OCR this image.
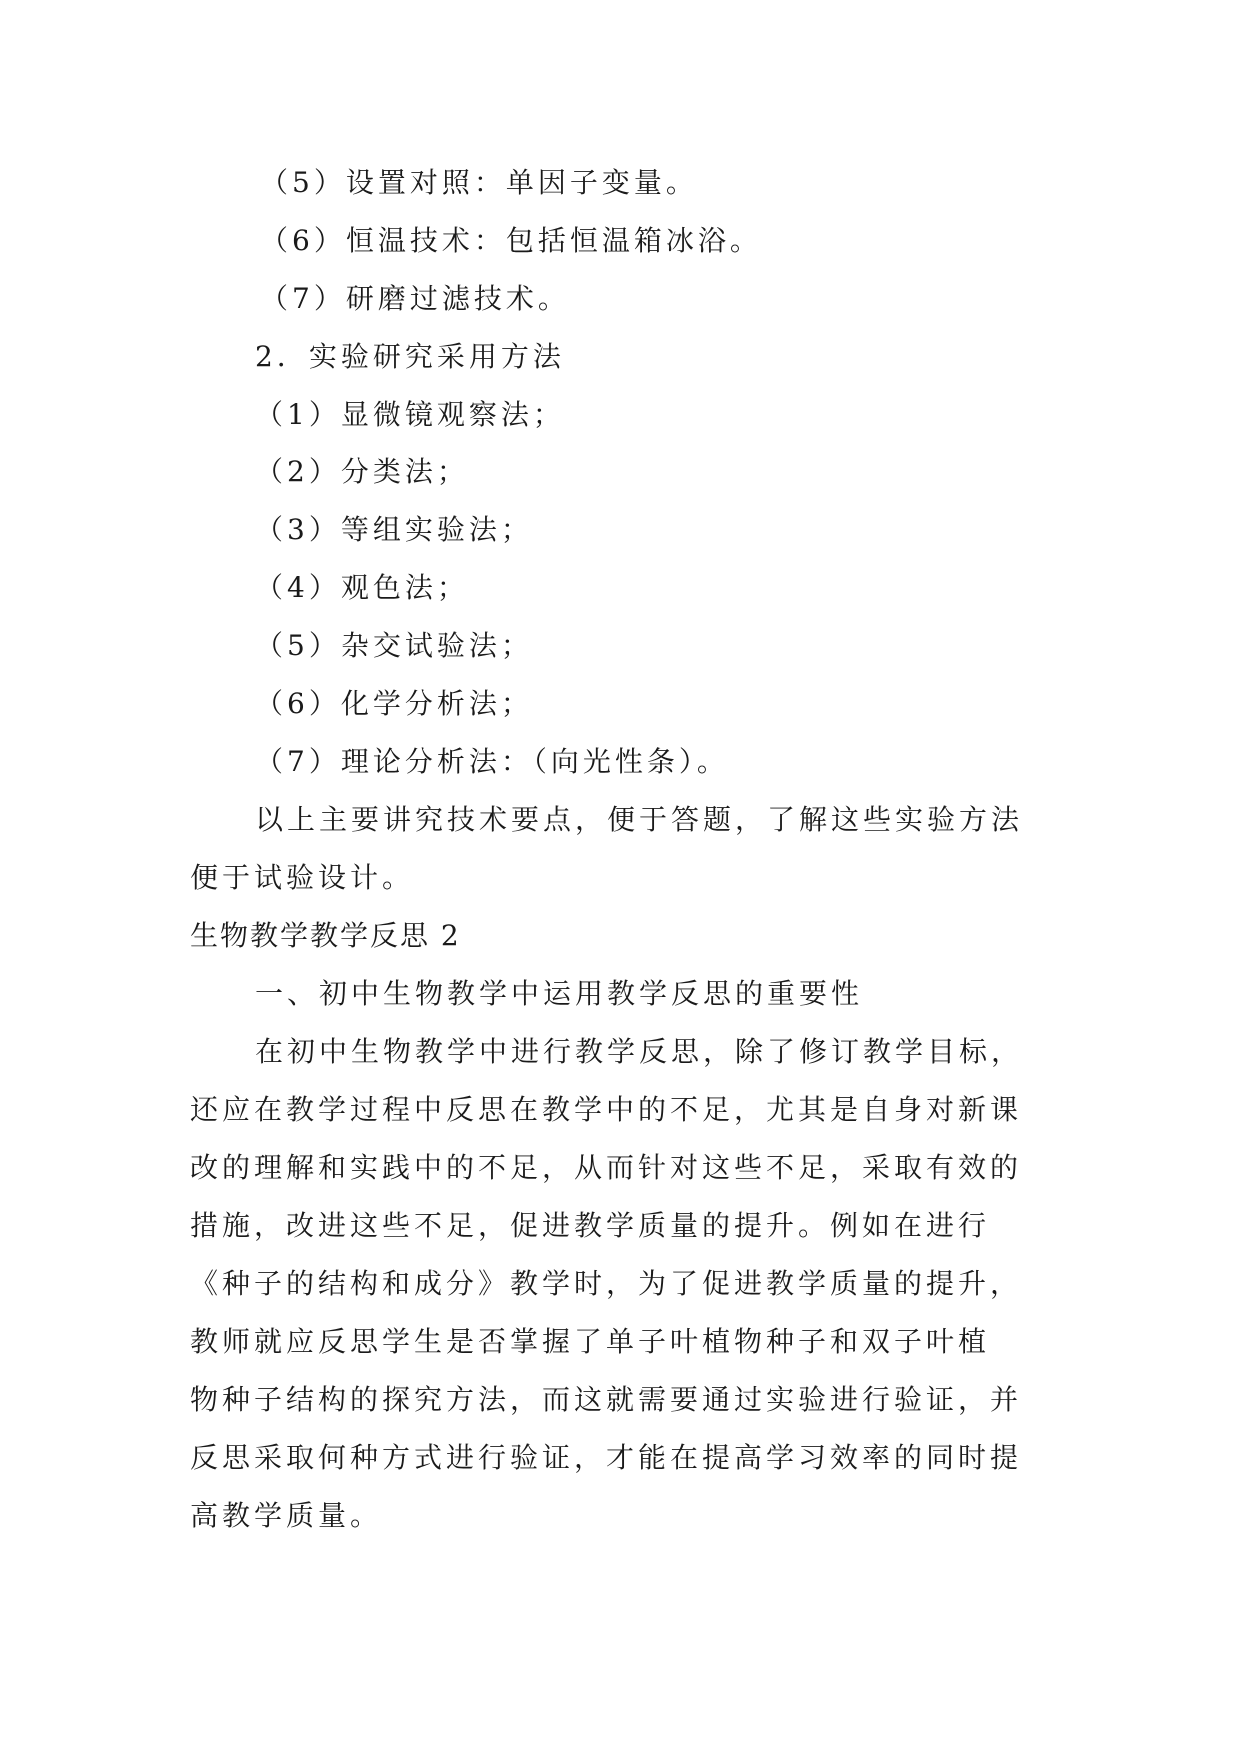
（5）设置对照：单因子变量。

（6）恒温技术：包括恒温箱冰浴。

（7）研磨过滤技术。

2．实验研究采用方法

（1）显微镜观察法；

（2）分类法；

（3）等组实验法；

（4）观色法；

（5）杂交试验法；

（6）化学分析法；

（7）理论分析法：（向光性条）。

以上主要讲究技术要点，便于答题，了解这些实验方法

便于试验设计。

生物教学教学反思 2

一、初中生物教学中运用教学反思的重要性

在初中生物教学中进行教学反思，除了修订教学目标，

还应在教学过程中反思在教学中的不足，尤其是自身对新课

改的理解和实践中的不足，从而针对这些不足，采取有效的

措施，改进这些不足，促进教学质量的提升。例如在进行

《种子的结构和成分》教学时，为了促进教学质量的提升，

教师就应反思学生是否掌握了单子叶植物种子和双子叶植

物种子结构的探究方法，而这就需要通过实验进行验证，并

反思采取何种方式进行验证，才能在提高学习效率的同时提

高教学质量。
